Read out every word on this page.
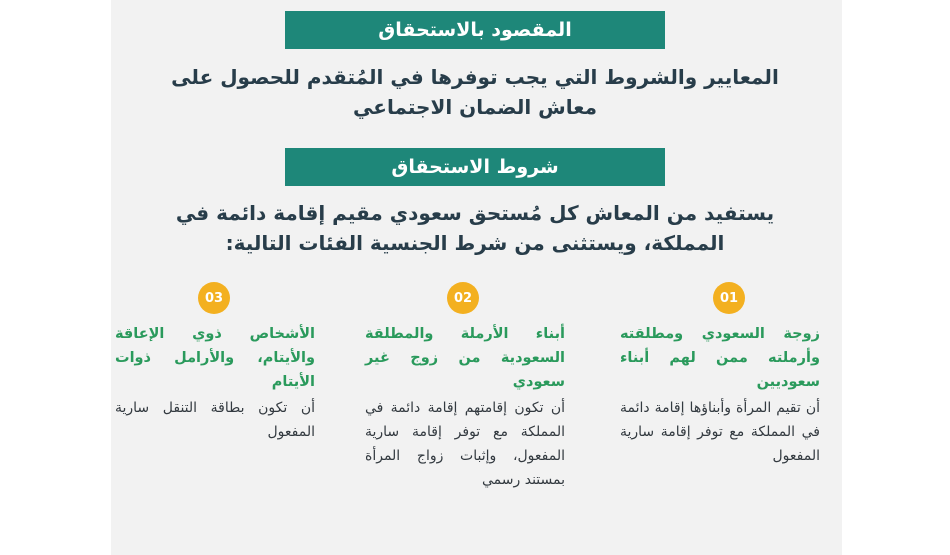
المقصود بالاستحقاق
المعايير والشروط التي يجب توفرها في المُتقدم للحصول على معاش الضمان الاجتماعي
شروط الاستحقاق
يستفيد من المعاش كل مُستحق سعودي مقيم إقامة دائمة في المملكة، ويستثنى من شرط الجنسية الفئات التالية:
01
زوجة السعودي ومطلقته وأرملته ممن لهم أبناء سعوديين
أن تقيم المرأة وأبناؤها إقامة دائمة في المملكة مع توفر إقامة سارية المفعول
02
أبناء الأرملة والمطلقة السعودية من زوج غير سعودي
أن تكون إقامتهم إقامة دائمة في المملكة مع توفر إقامة سارية المفعول، وإثبات زواج المرأة بمستند رسمي
03
الأشخاص ذوي الإعاقة والأيتام، والأرامل ذوات الأيتام
أن تكون بطاقة التنقل سارية المفعول
